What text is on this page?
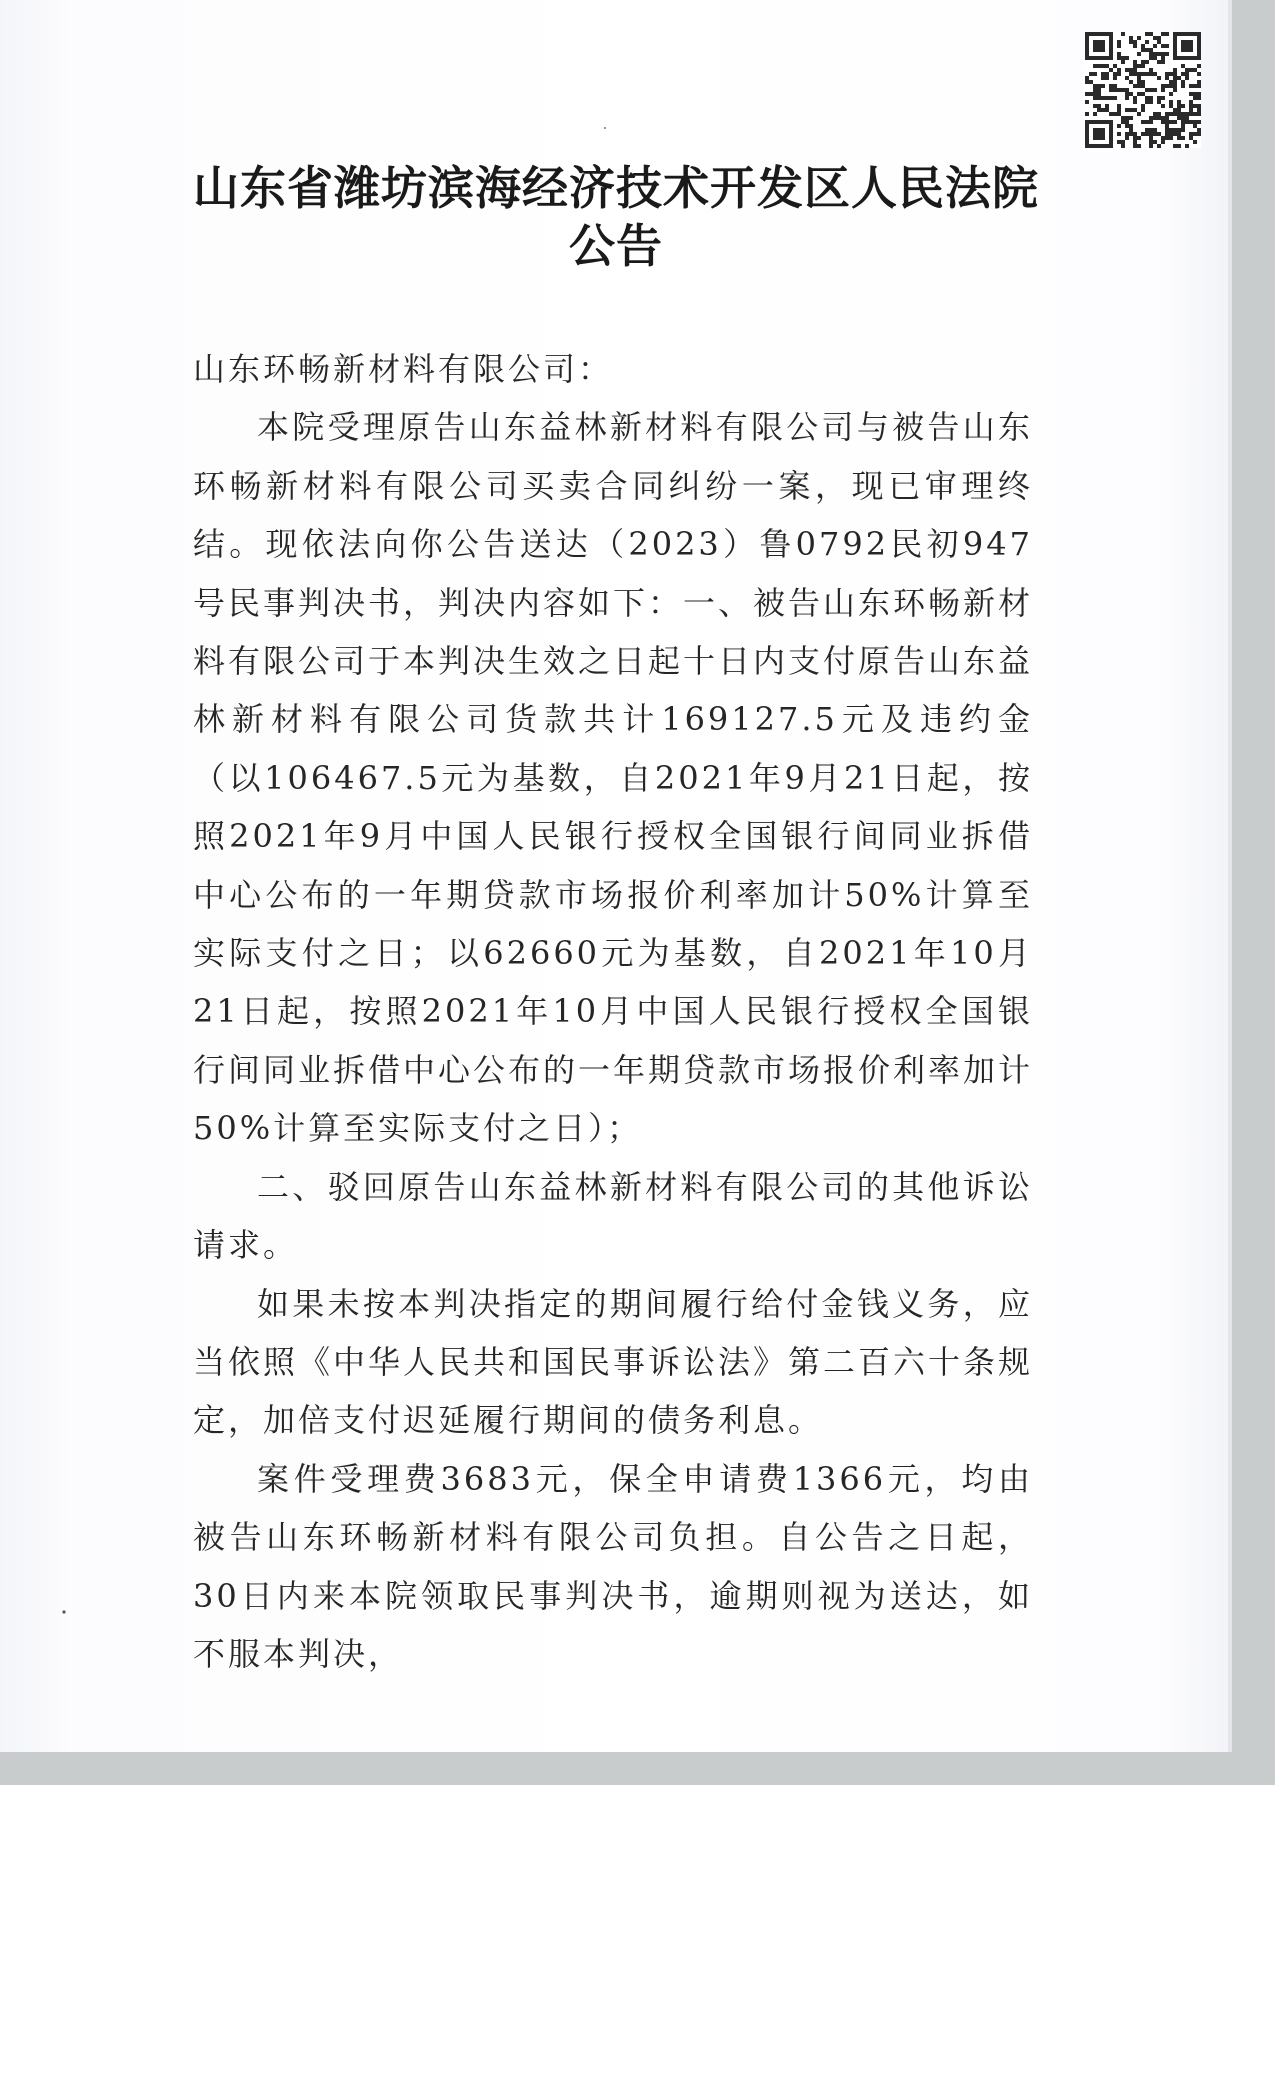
山东省潍坊滨海经济技术开发区人民法院
公告

山东环畅新材料有限公司：

本院受理原告山东益林新材料有限公司与被告山东环畅新材料有限公司买卖合同纠纷一案，现已审理终结。现依法向你公告送达（2023）鲁0792民初947号民事判决书，判决内容如下：一、被告山东环畅新材料有限公司于本判决生效之日起十日内支付原告山东益林新材料有限公司货款共计169127.5元及违约金（以106467.5元为基数，自2021年9月21日起，按照2021年9月中国人民银行授权全国银行间同业拆借中心公布的一年期贷款市场报价利率加计50%计算至实际支付之日；以62660元为基数，自2021年10月21日起，按照2021年10月中国人民银行授权全国银行间同业拆借中心公布的一年期贷款市场报价利率加计50%计算至实际支付之日）；

二、驳回原告山东益林新材料有限公司的其他诉讼请求。

如果未按本判决指定的期间履行给付金钱义务，应当依照《中华人民共和国民事诉讼法》第二百六十条规定，加倍支付迟延履行期间的债务利息。

案件受理费3683元，保全申请费1366元，均由被告山东环畅新材料有限公司负担。自公告之日起，30日内来本院领取民事判决书，逾期则视为送达，如不服本判决，
